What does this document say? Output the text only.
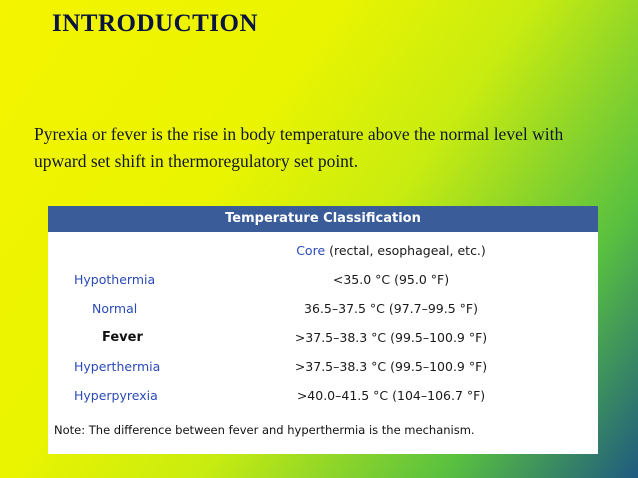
INTRODUCTION
Pyrexia or fever is the rise in body temperature above the normal level with upward set shift in thermoregulatory set point.
Temperature Classification
Core (rectal, esophageal, etc.)
Hypothermia	<35.0 °C (95.0 °F)
Normal	36.5–37.5 °C (97.7–99.5 °F)
Fever	>37.5–38.3 °C (99.5–100.9 °F)
Hyperthermia	>37.5–38.3 °C (99.5–100.9 °F)
Hyperpyrexia	>40.0–41.5 °C (104–106.7 °F)
Note: The difference between fever and hyperthermia is the mechanism.
